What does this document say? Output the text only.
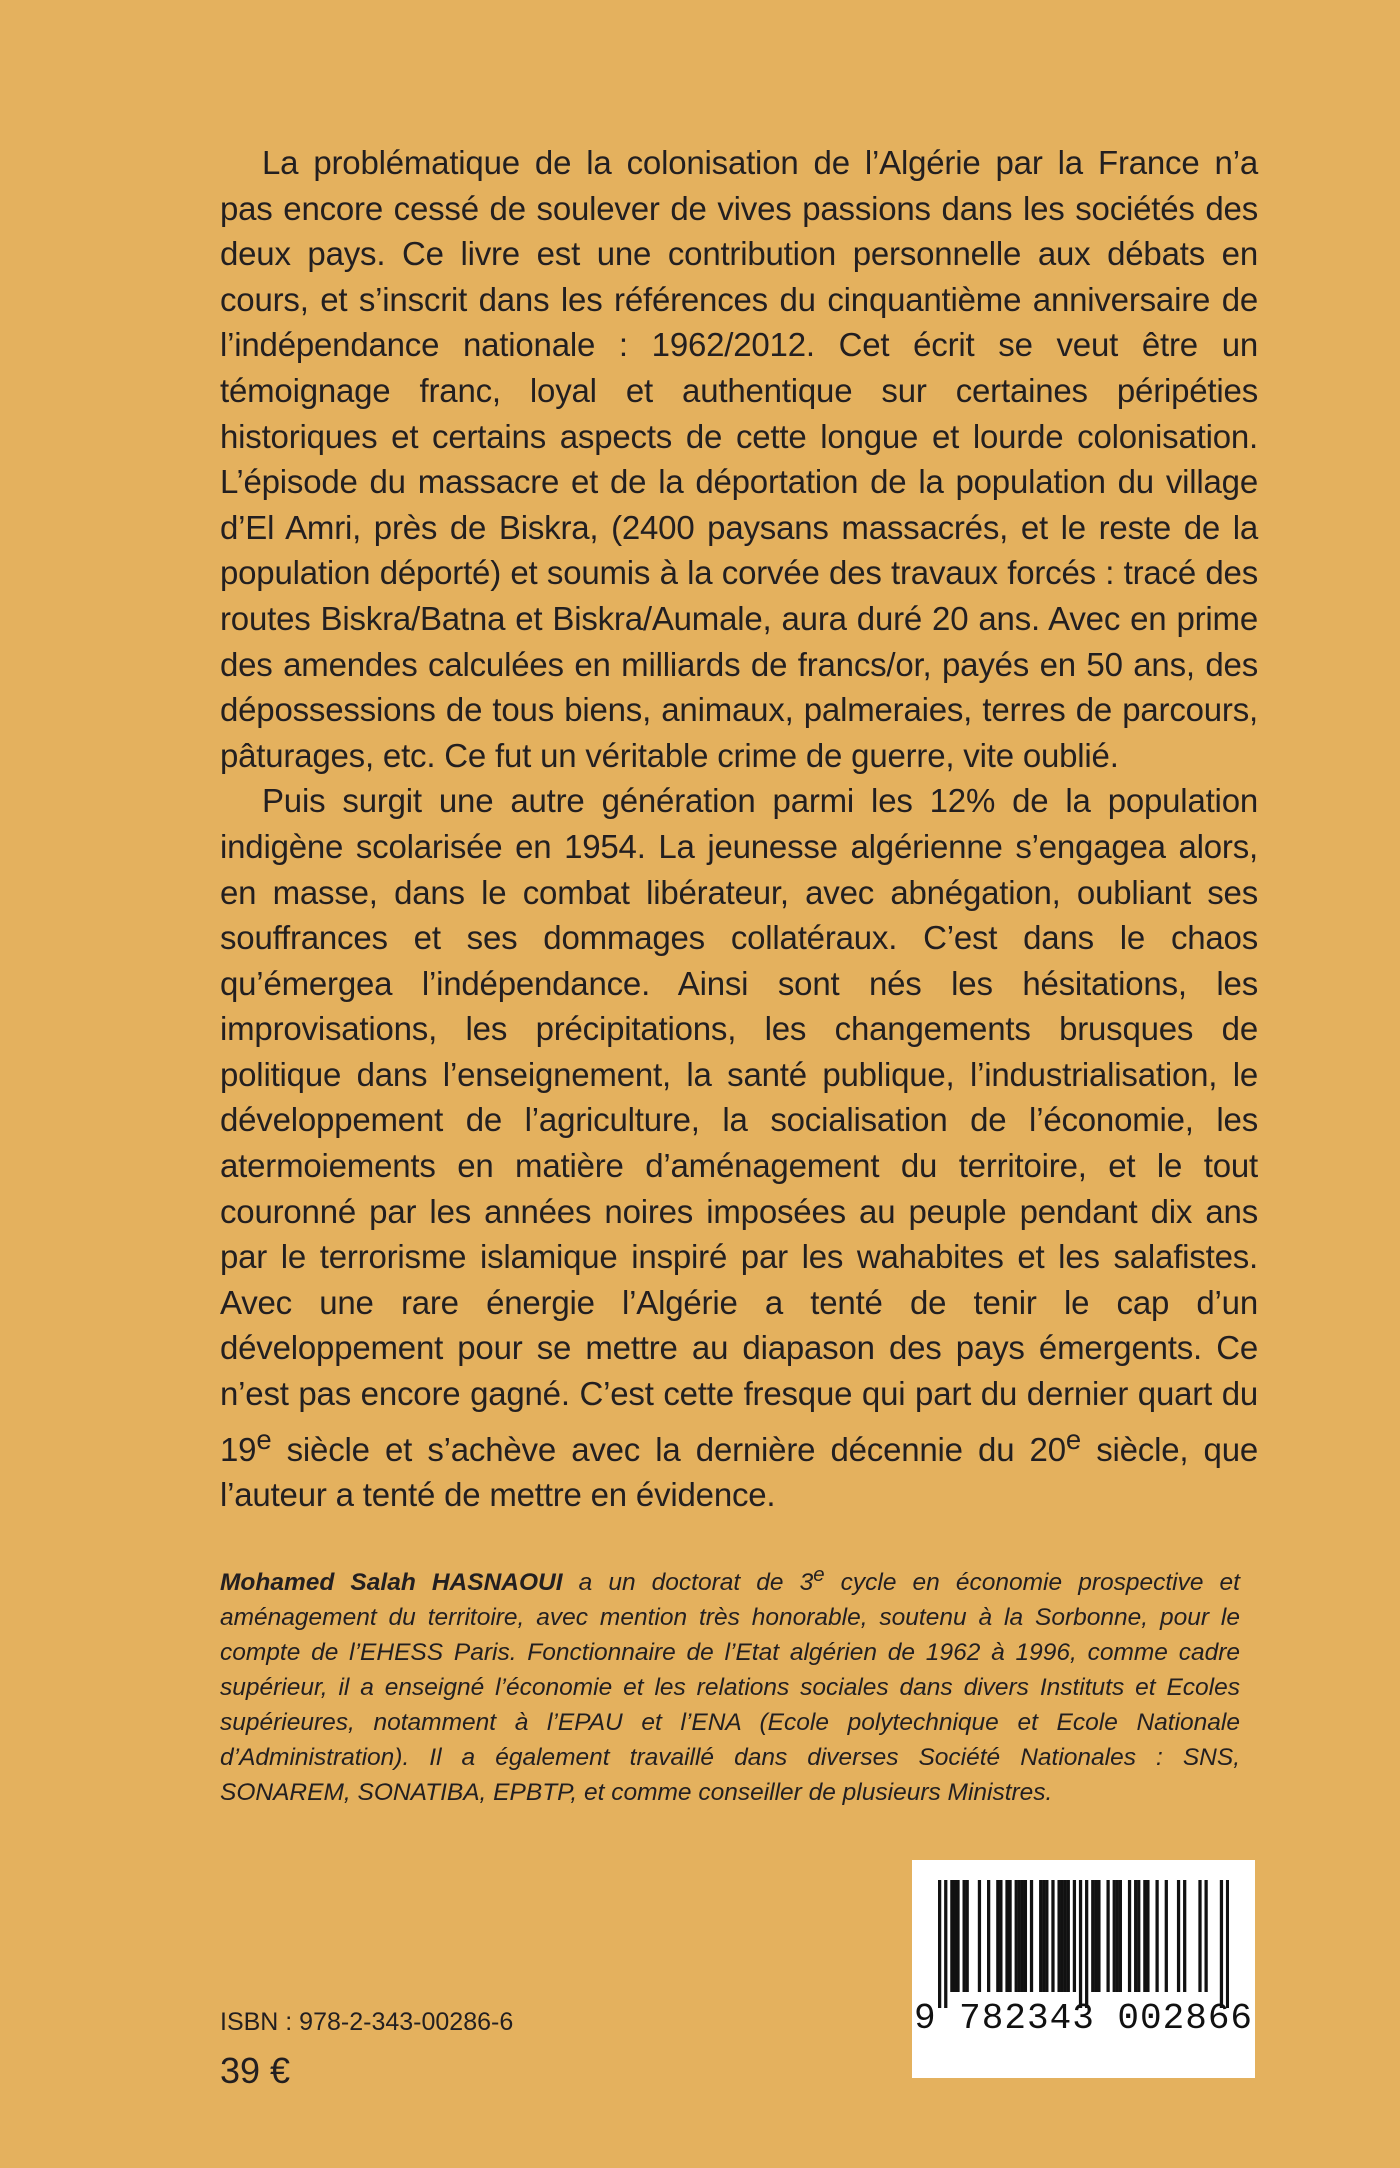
La problématique de la colonisation de l’Algérie par la France n’a pas encore cessé de soulever de vives passions dans les sociétés des deux pays. Ce livre est une contribution personnelle aux débats en cours, et s’inscrit dans les références du cinquantième anniversaire de l’indépendance nationale : 1962/2012. Cet écrit se veut être un témoignage franc, loyal et authentique sur certaines péripéties historiques et certains aspects de cette longue et lourde colonisation. L’épisode du massacre et de la déportation de la population du village d’El Amri, près de Biskra, (2400 paysans massacrés, et le reste de la population déporté) et soumis à la corvée des travaux forcés : tracé des routes Biskra/Batna et Biskra/Aumale, aura duré 20 ans. Avec en prime des amendes calculées en milliards de francs/or, payés en 50 ans, des dépossessions de tous biens, animaux, palmeraies, terres de parcours, pâturages, etc. Ce fut un véritable crime de guerre, vite oublié.

Puis surgit une autre génération parmi les 12% de la population indigène scolarisée en 1954. La jeunesse algérienne s’engagea alors, en masse, dans le combat libérateur, avec abnégation, oubliant ses souffrances et ses dommages collatéraux. C’est dans le chaos qu’émergea l’indépendance. Ainsi sont nés les hésitations, les improvisations, les précipitations, les changements brusques de politique dans l’enseignement, la santé publique, l’industrialisation, le développement de l’agriculture, la socialisation de l’économie, les atermoiements en matière d’aménagement du territoire, et le tout couronné par les années noires imposées au peuple pendant dix ans par le terrorisme islamique inspiré par les wahabites et les salafistes. Avec une rare énergie l’Algérie a tenté de tenir le cap d’un développement pour se mettre au diapason des pays émergents. Ce n’est pas encore gagné. C’est cette fresque qui part du dernier quart du 19e siècle et s’achève avec la dernière décennie du 20e siècle, que l’auteur a tenté de mettre en évidence.

Mohamed Salah HASNAOUI a un doctorat de 3e cycle en économie prospective et aménagement du territoire, avec mention très honorable, soutenu à la Sorbonne, pour le compte de l’EHESS Paris. Fonctionnaire de l’Etat algérien de 1962 à 1996, comme cadre supérieur, il a enseigné l’économie et les relations sociales dans divers Instituts et Ecoles supérieures, notamment à l’EPAU et l’ENA (Ecole polytechnique et Ecole Nationale d’Administration). Il a également travaillé dans diverses Société Nationales : SNS, SONAREM, SONATIBA, EPBTP, et comme conseiller de plusieurs Ministres.
ISBN : 978-2-343-00286-6
39 €
9 782343 002866
